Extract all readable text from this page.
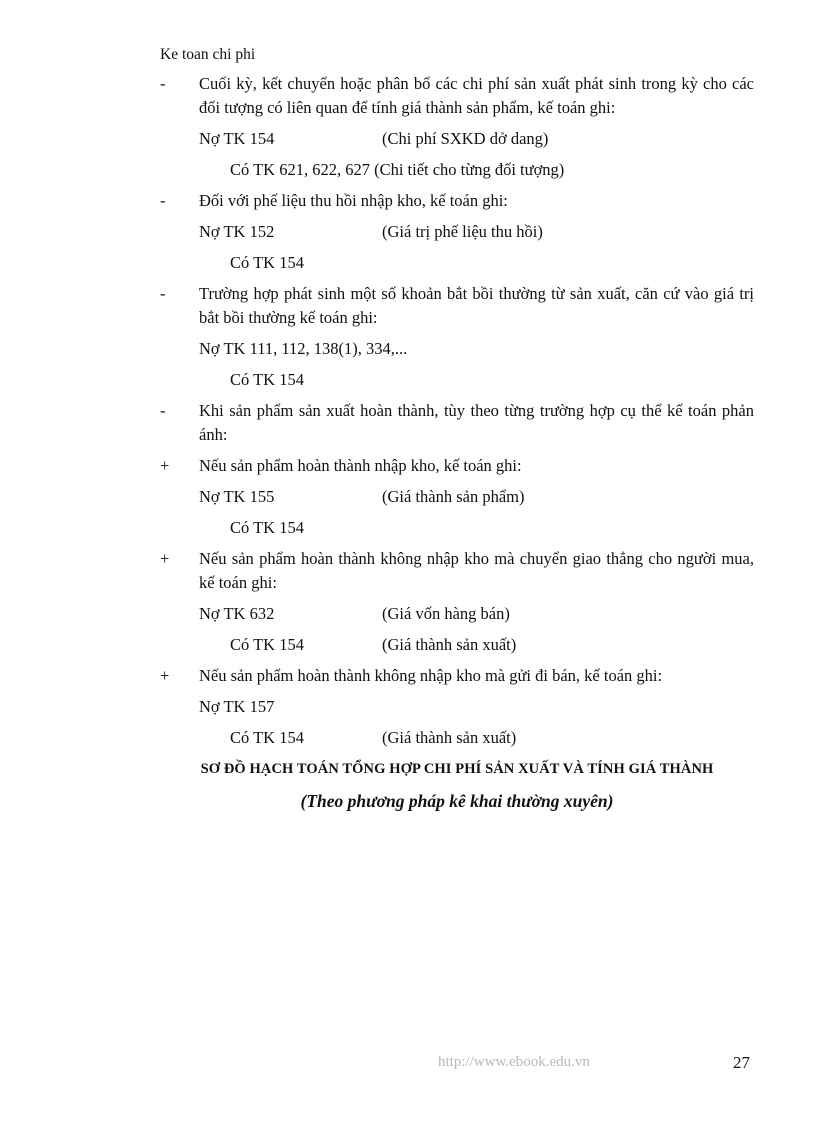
Ke toan chi phi
-	Cuối kỳ, kết chuyển hoặc phân bổ các chi phí sản xuất phát sinh trong kỳ cho các đối tượng có liên quan để tính giá thành sản phẩm, kế toán ghi:
Nợ TK 154	(Chi phí SXKD dở dang)
Có TK 621, 622, 627 (Chi tiết cho từng đối tượng)
-	Đối với phế liệu thu hồi nhập kho, kế toán ghi:
Nợ TK 152	(Giá trị phế liệu thu hồi)
Có TK 154
-	Trường hợp phát sinh một số khoản bắt bồi thường từ sản xuất, căn cứ vào giá trị bắt bồi thường kế toán ghi:
Nợ TK 111, 112, 138(1), 334,...
Có TK 154
-	Khi sản phẩm sản xuất hoàn thành, tùy theo từng trường hợp cụ thể kế toán phản ánh:
+	Nếu sản phẩm hoàn thành nhập kho, kế toán ghi:
Nợ TK 155	(Giá thành sản phẩm)
Có TK 154
+	Nếu sản phẩm hoàn thành không nhập kho mà chuyển giao thẳng cho người mua, kế toán ghi:
Nợ TK 632	(Giá vốn hàng bán)
Có TK 154	(Giá thành sản xuất)
+	Nếu sản phẩm hoàn thành không nhập kho mà gửi đi bán, kế toán ghi:
Nợ TK 157
Có TK 154	(Giá thành sản xuất)
SƠ ĐỒ HẠCH TOÁN TỔNG HỢP CHI PHÍ SẢN XUẤT VÀ TÍNH GIÁ THÀNH
(Theo phương pháp kê khai thường xuyên)
http://www.ebook.edu.vn	27
